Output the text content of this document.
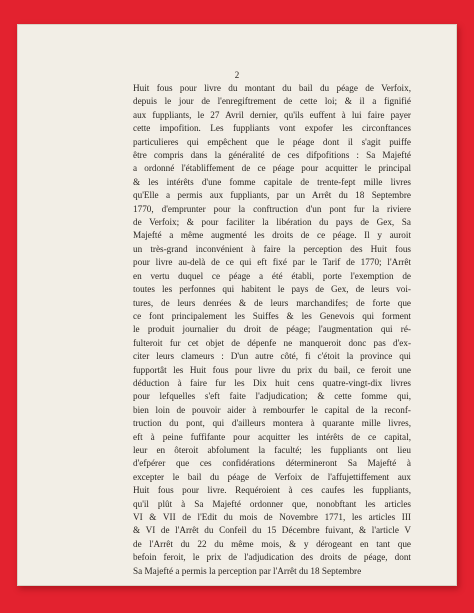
2
Huit fous pour livre du montant du bail du péage de Verfoix,
depuis le jour de l'enregiftrement de cette loi; & il a fignifié
aux fuppliants, le 27 Avril dernier, qu'ils euffent à lui faire payer
cette impofition. Les fuppliants vont expofer les circonftances
particulieres qui empêchent que le péage dont il s'agit puiffe
être compris dans la généralité de ces difpofitions : Sa Majefté
a ordonné l'établiffement de ce péage pour acquitter le principal
& les intérêts d'une fomme capitale de trente-fept mille livres
qu'Elle a permis aux fuppliants, par un Arrêt du 18 Septembre
1770, d'emprunter pour la conftruction d'un pont fur la riviere
de Verfoix; & pour faciliter la libération du pays de Gex, Sa
Majefté a même augmenté les droits de ce péage. Il y auroit
un très-grand inconvénient à faire la perception des Huit fous
pour livre au-delà de ce qui eft fixé par le Tarif de 1770; l'Arrêt
en vertu duquel ce péage a été établi, porte l'exemption de
toutes les perfonnes qui habitent le pays de Gex, de leurs voi-
tures, de leurs denrées & de leurs marchandifes; de forte que
ce font principalement les Suiffes & les Genevois qui forment
le produit journalier du droit de péage; l'augmentation qui ré-
fulteroit fur cet objet de dépenfe ne manqueroit donc pas d'ex-
citer leurs clameurs : D'un autre côté, fi c'étoit la province qui
fupportât les Huit fous pour livre du prix du bail, ce feroit une
déduction à faire fur les Dix huit cens quatre-vingt-dix livres
pour lefquelles s'eft faite l'adjudication; & cette fomme qui,
bien loin de pouvoir aider à rembourfer le capital de la reconf-
truction du pont, qui d'ailleurs montera à quarante mille livres,
eft à peine fuffifante pour acquitter les intérêts de ce capital,
leur en ôteroit abfolument la faculté; les fuppliants ont lieu
d'efpérer que ces confidérations détermineront Sa Majefté à
excepter le bail du péage de Verfoix de l'affujettiffement aux
Huit fous pour livre. Requéroient à ces caufes les fuppliants,
qu'il plût à Sa Majefté ordonner que, nonobftant les articles
VI & VII de l'Edit du mois de Novembre 1771, les articles III
& VI de l'Arrêt du Confeil du 15 Décembre fuivant, & l'article V
de l'Arrêt du 22 du même mois, & y dérogeant en tant que
befoin feroit, le prix de l'adjudication des droits de péage, dont
Sa Majefté a permis la perception par l'Arrêt du 18 Septembre
